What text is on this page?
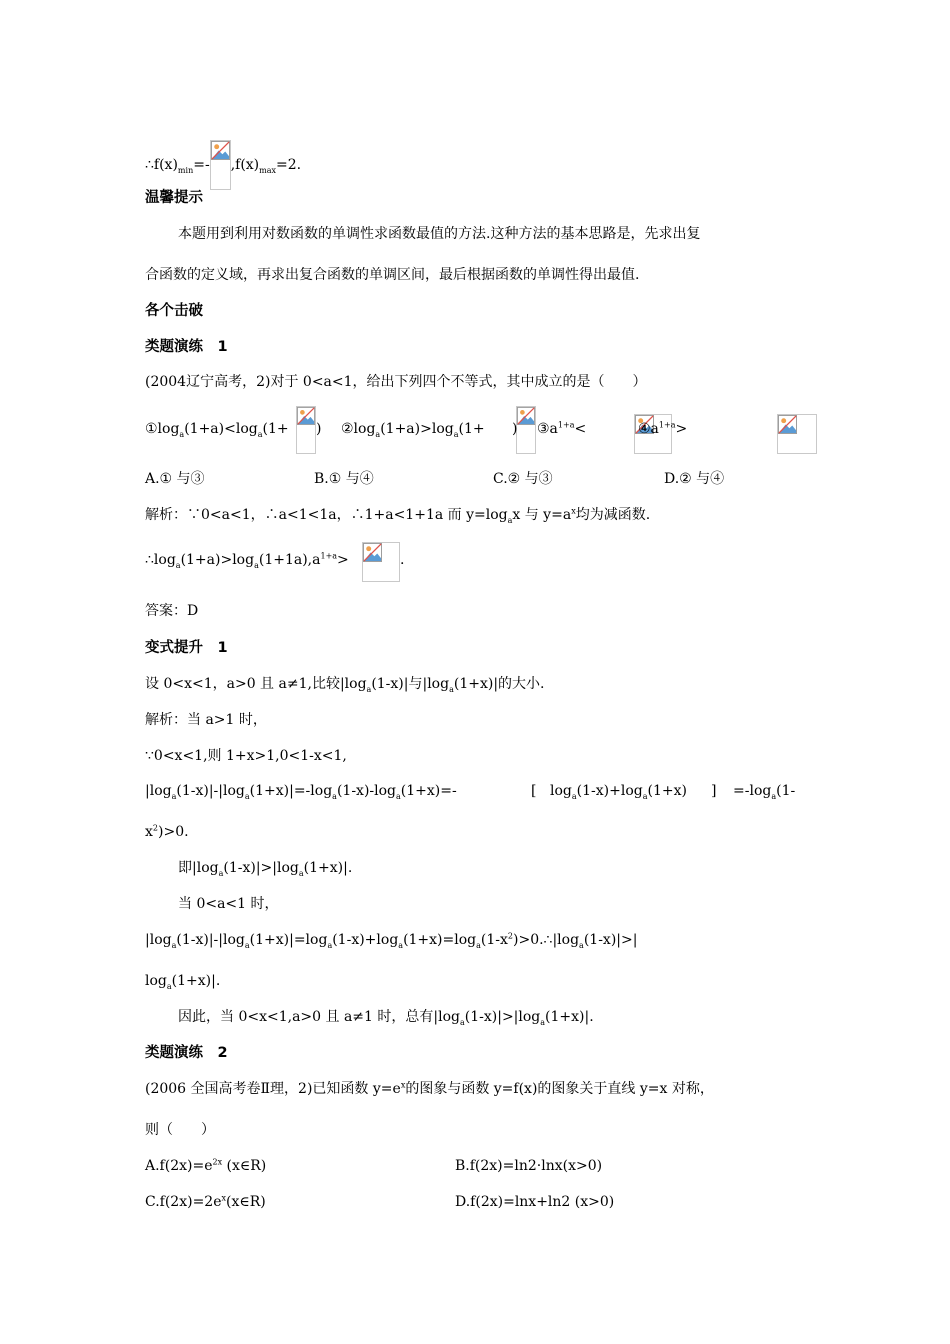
$\therefore f(x)_{min}=-$ $,f(x)_{max}=2$.
温馨提示
本题用到利用对数函数的单调性求函数最值的方法.这种方法的基本思路是，先求出复
合函数的定义域，再求出复合函数的单调区间，最后根据函数的单调性得出最值.
各个击破
类题演练　1
(2004辽宁高考，2)对于 0<a<1，给出下列四个不等式，其中成立的是（　　）
$①\log_a(1+a)<\log_a(1+$
) $②\log_a(1+a)>\log_a(1+$
) $③a^{1+a}<$
	$④a^{1+a}>$
A.① 与③	B.① 与④	C.② 与③	D.② 与④
解析：∵0<a<1，∴a<1<1a，∴1+a<1+1a 而 $y=\log_ax$ 与 $y=a^x$均为减函数.
$\therefore\log_a(1+a)>\log_a(1+1a),a^{1+a}>$	.
答案：D
变式提升　1
设 0<x<1，a>0 且 a≠1,比较$|\log_a(1-x)|$与$|\log_a(1+x)|$的大小.
解析：当 a>1 时，
∵0<x<1,则 1+x>1,0<1-x<1,
$|\log_a(1-x)|-|\log_a(1+x)|=-\log_a(1-x)-\log_a(1+x)=-$	[ $\log_a(1-x)+\log_a(1+x)$ ] $=-\log_a(1-$
$x^2)>0$.
即$|\log_a(1-x)|>|\log_a(1+x)|$.
当 0<a<1 时，
$|\log_a(1-x)|-|\log_a(1+x)|=\log_a(1-x)+\log_a(1+x)=\log_a(1-x^2)>0.\therefore|\log_a(1-x)|>|$
$\log_a(1+x)|$.
因此，当 0<x<1,a>0 且 a≠1 时，总有$|\log_a(1-x)|>|\log_a(1+x)|$.
类题演练　2
(2006 全国高考卷Ⅱ理，2)已知函数 $y=e^x$的图象与函数 y=f(x)的图象关于直线 y=x 对称，
则（　　）
$A.f(2x)=e^{2x}$ (x∈R)	B.f(2x)=ln2·lnx(x>0)
$C.f(2x)=2e^x(x\in R)$	D.f(2x)=lnx+ln2 (x>0)
